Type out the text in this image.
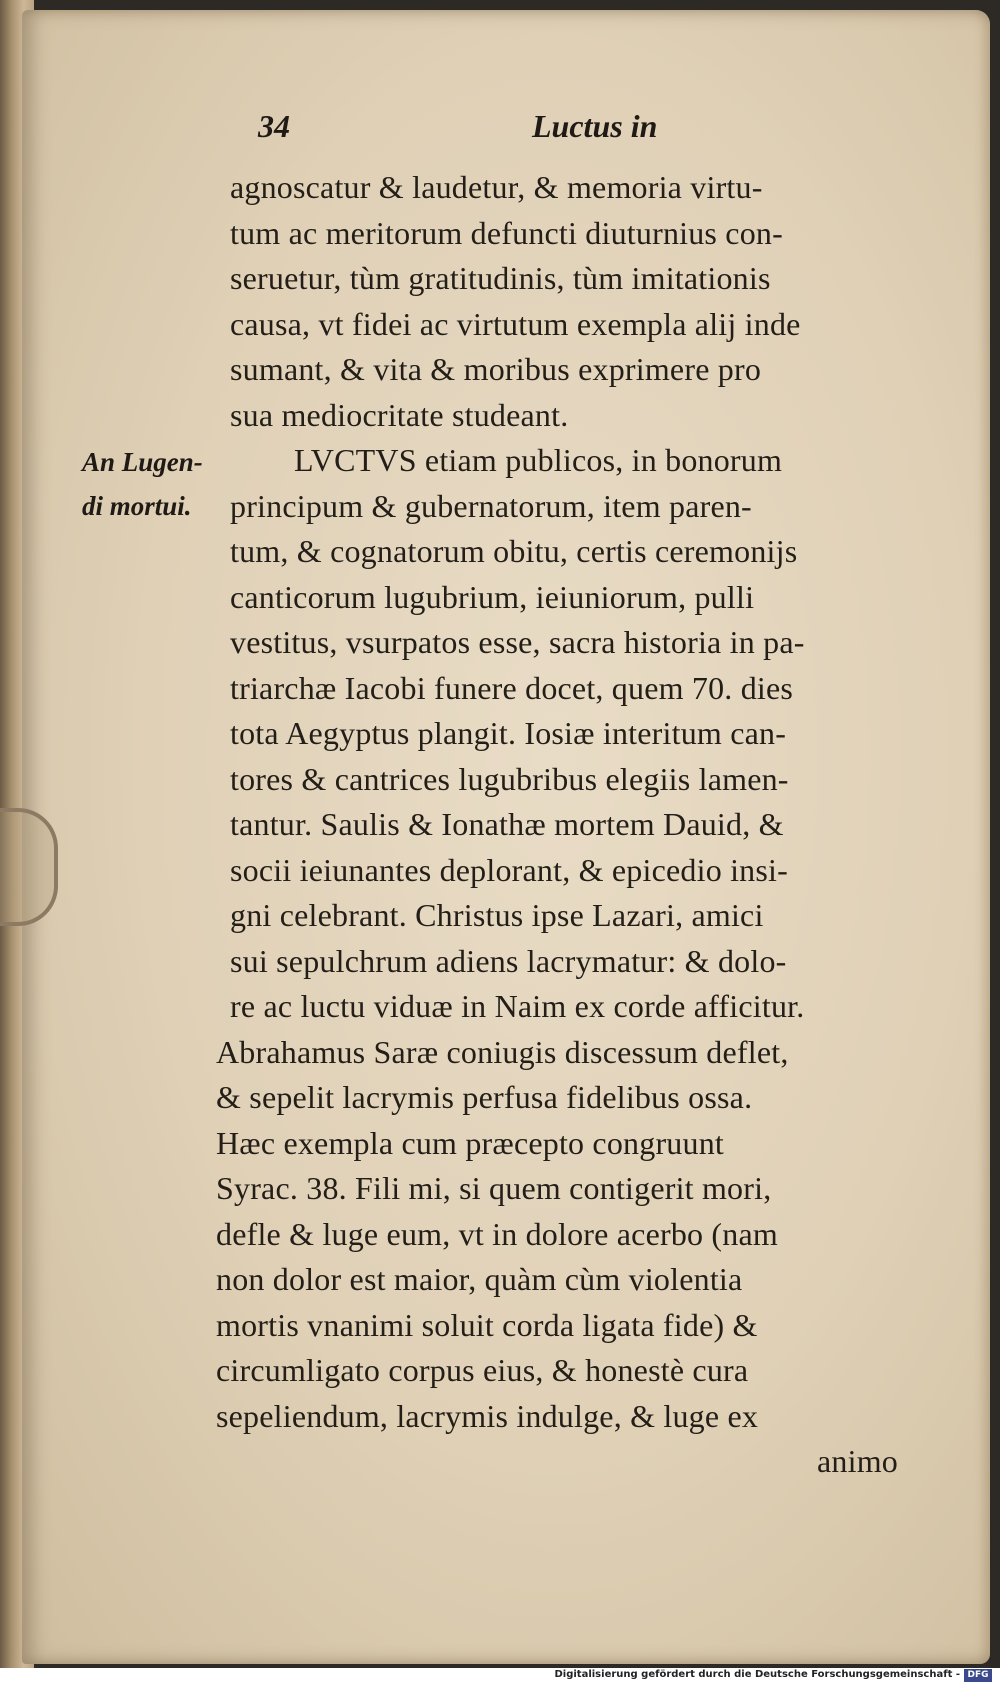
34	Luctus in
An Lugen-
di mortui.
agnoscatur & laudetur, & memoria virtu-
tum ac meritorum defuncti diuturnius con-
seruetur, tùm gratitudinis, tùm imitationis
causa, vt fidei ac virtutum exempla alij inde
sumant, & vita & moribus exprimere pro
sua mediocritate studeant.
LVCTVS etiam publicos, in bonorum
principum & gubernatorum, item paren-
tum, & cognatorum obitu, certis ceremonijs
canticorum lugubrium, ieiuniorum, pulli
vestitus, vsurpatos esse, sacra historia in pa-
triarchæ Iacobi funere docet, quem 70. dies
tota Aegyptus plangit. Iosiæ interitum can-
tores & cantrices lugubribus elegiis lamen-
tantur. Saulis & Ionathæ mortem Dauid, &
socii ieiunantes deplorant, & epicedio insi-
gni celebrant. Christus ipse Lazari, amici
sui sepulchrum adiens lacrymatur: & dolo-
re ac luctu viduæ in Naim ex corde afficitur.
Abrahamus Saræ coniugis discessum deflet,
& sepelit lacrymis perfusa fidelibus ossa.
Hæc exempla cum præcepto congruunt
Syrac. 38. Fili mi, si quem contigerit mori,
defle & luge eum, vt in dolore acerbo (nam
non dolor est maior, quàm cùm violentia
mortis vnanimi soluit corda ligata fide) &
circumligato corpus eius, & honestè cura
sepeliendum, lacrymis indulge, & luge ex
animo
Digitalisierung gefördert durch die Deutsche Forschungsgemeinschaft - DFG
